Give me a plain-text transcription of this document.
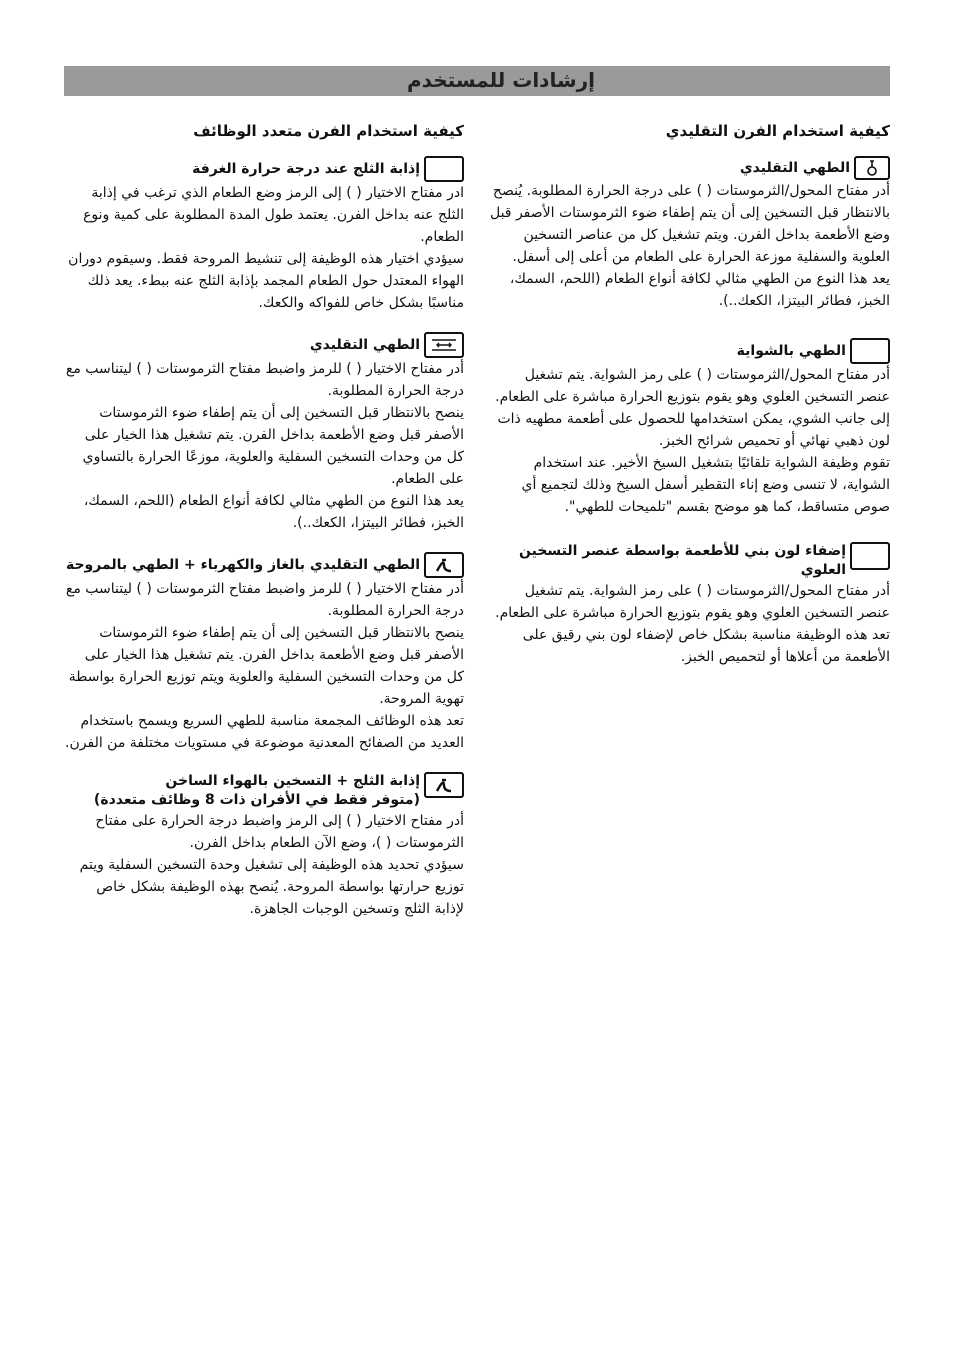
إرشادات للمستخدم
كيفية استخدام الفرن التقليدي
الطهي التقليدي

أدر مفتاح المحول/الثرموستات ( ) على درجة الحرارة المطلوبة. يُنصح بالانتظار قبل التسخين إلى أن يتم إطفاء ضوء الثرموستات الأصفر قبل وضع الأطعمة بداخل الفرن. ويتم تشغيل كل من عناصر التسخين العلوية والسفلية موزعة الحرارة على الطعام من أعلى إلى أسفل. يعد هذا النوع من الطهي مثالي لكافة أنواع الطعام (اللحم، السمك، الخبز، فطائر البيتزا، الكعك..).

الطهي بالشواية

أدر مفتاح المحول/الثرموستات ( ) على رمز الشواية. يتم تشغيل عنصر التسخين العلوي وهو يقوم بتوزيع الحرارة مباشرة على الطعام. إلى جانب الشوي، يمكن استخدامها للحصول على أطعمة مطهيه ذات لون ذهبي نهائي أو تحميص شرائح الخبز.

تقوم وظيفة الشواية تلقائيًا بتشغيل السيخ الأخير. عند استخدام الشواية، لا تنسى وضع إناء التقطير أسفل السيخ وذلك لتجميع أي صوص متساقط، كما هو موضح بقسم "تلميحات للطهي".

إضفاء لون بني للأطعمة بواسطة عنصر التسخين العلوي

أدر مفتاح المحول/الثرموستات ( ) على رمز الشواية. يتم تشغيل عنصر التسخين العلوي وهو يقوم بتوزيع الحرارة مباشرة على الطعام.

تعد هذه الوظيفة مناسبة بشكل خاص لإضفاء لون بني رقيق على الأطعمة من أعلاها أو لتحميص الخبز.

كيفية استخدام الفرن متعدد الوظائف
إذابة الثلج عند درجة حرارة الغرفة

ادر مفتاح الاختيار ( ) إلى الرمز وضع الطعام الذي ترغب في إذابة الثلج عنه بداخل الفرن. يعتمد طول المدة المطلوبة على كمية ونوع الطعام.

سيؤدي اختيار هذه الوظيفة إلى تنشيط المروحة فقط. وسيقوم دوران الهواء المعتدل حول الطعام المجمد بإذابة الثلج عنه ببطء. يعد ذلك مناسبًا بشكل خاص للفواكه والكعك.

الطهي التقليدي

أدر مفتاح الاختيار ( ) للرمز واضبط مفتاح الثرموستات ( ) ليتناسب مع درجة الحرارة المطلوبة.

ينصح بالانتظار قبل التسخين إلى أن يتم إطفاء ضوء الثرموستات الأصفر قبل وضع الأطعمة بداخل الفرن. يتم تشغيل هذا الخيار على كل من وحدات التسخين السفلية والعلوية، موزعًا الحرارة بالتساوي على الطعام.

يعد هذا النوع من الطهي مثالي لكافة أنواع الطعام (اللحم، السمك، الخبز، فطائر البيتزا، الكعك..).

الطهي التقليدي بالغاز والكهرباء + الطهي بالمروحة

أدر مفتاح الاختيار ( ) للرمز واضبط مفتاح الثرموستات ( ) ليتناسب مع درجة الحرارة المطلوبة.

ينصح بالانتظار قبل التسخين إلى أن يتم إطفاء ضوء الثرموستات الأصفر قبل وضع الأطعمة بداخل الفرن. يتم تشغيل هذا الخيار على كل من وحدات التسخين السفلية والعلوية ويتم توزيع الحرارة بواسطة تهوية المروحة.

تعد هذه الوظائف المجمعة مناسبة للطهي السريع ويسمح باستخدام العديد من الصفائح المعدنية موضوعة في مستويات مختلفة من الفرن.

إذابة الثلج + التسخين بالهواء الساخن
(متوفر فقط في الأفران ذات 8 وظائف متعددة)

أدر مفتاح الاختيار ( ) إلى الرمز واضبط درجة الحرارة على مفتاح الثرموستات ( )، وضع الآن الطعام بداخل الفرن.

سيؤدي تحديد هذه الوظيفة إلى تشغيل وحدة التسخين السفلية ويتم توزيع حرارتها بواسطة المروحة. يُنصح بهذه الوظيفة بشكل خاص لإذابة الثلج وتسخين الوجبات الجاهزة.
